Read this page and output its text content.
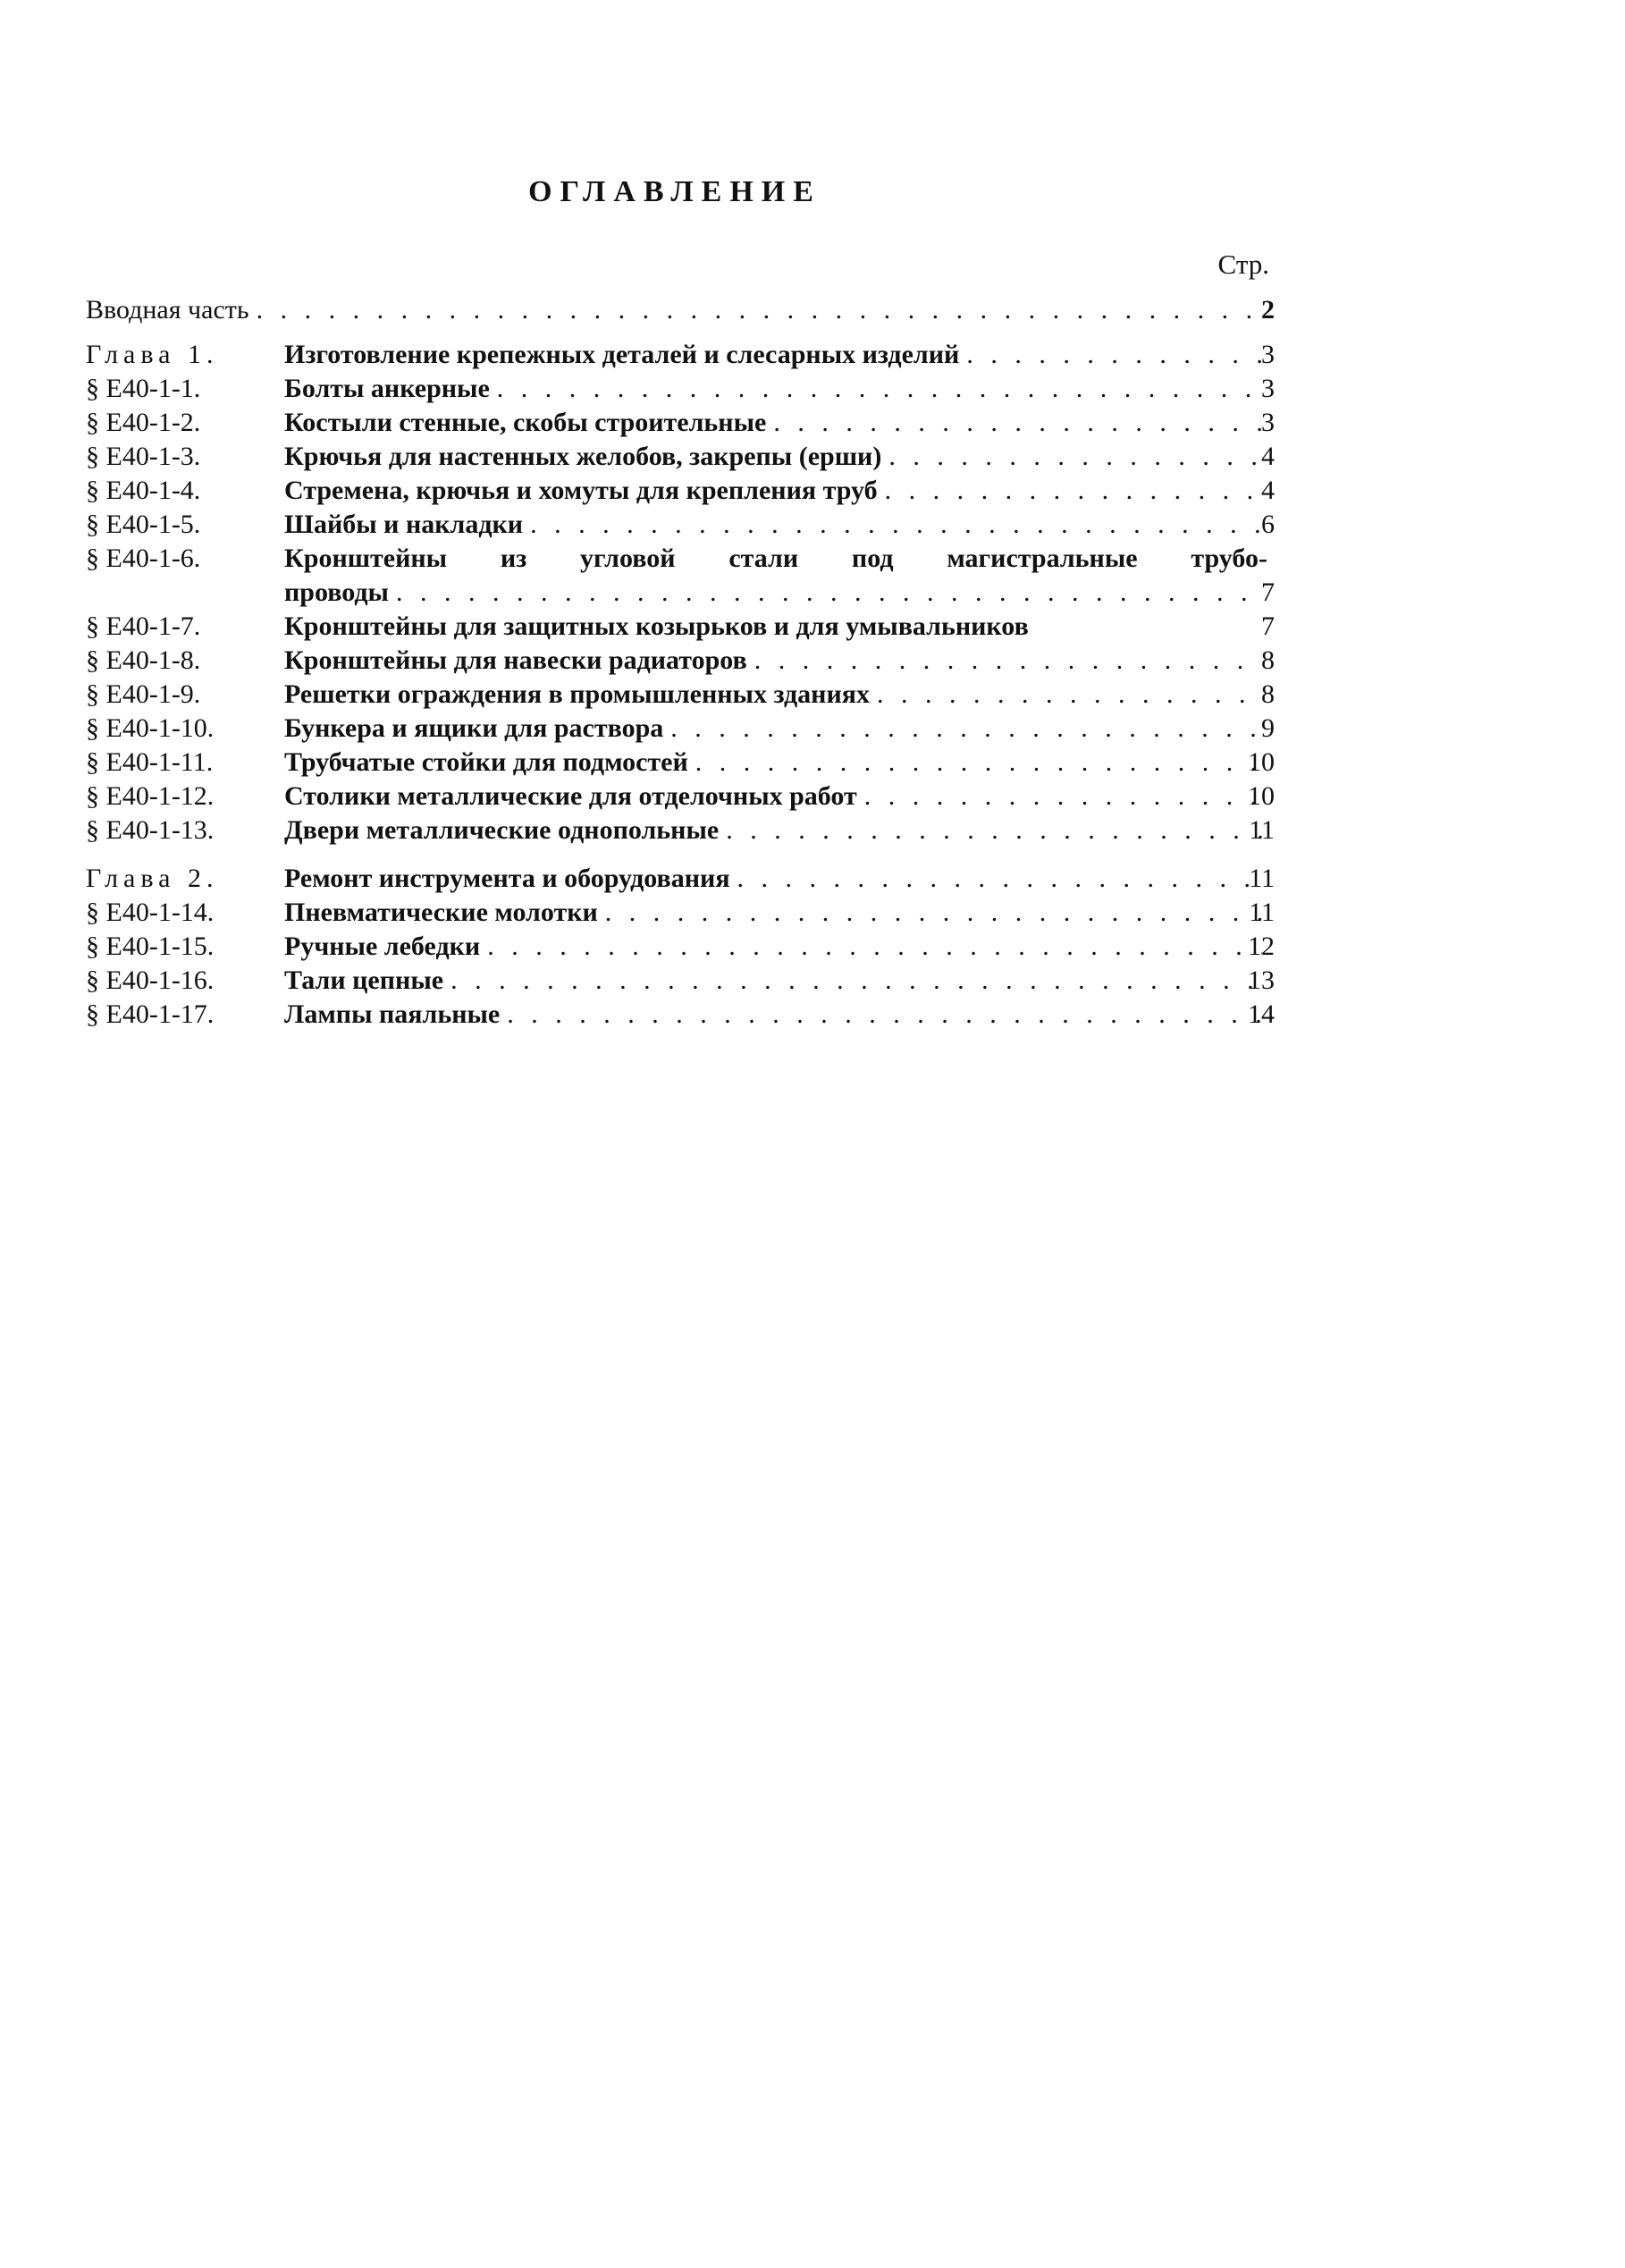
ОГЛАВЛЕНИЕ
Стр.
Вводная часть . . .	2
Глава 1. Изготовление крепежных деталей и слесарных изделий . . .	3
§ Е40-1-1.	Болты анкерные . . .	3
§ Е40-1-2.	Костыли стенные, скобы строительные . . .	3
§ Е40-1-3.	Крючья для настенных желобов, закрепы (ерши) . . .	4
§ Е40-1-4.	Стремена, крючья и хомуты для крепления труб . . .	4
§ Е40-1-5.	Шайбы и накладки . . .	6
§ Е40-1-6.	Кронштейны из угловой стали под магистральные трубо-
проводы . . .	7
§ Е40-1-7.	Кронштейны для защитных козырьков и для умывальников	7
§ Е40-1-8.	Кронштейны для навески радиаторов . . .	8
§ Е40-1-9.	Решетки ограждения в промышленных зданиях . . .	8
§ Е40-1-10.	Бункера и ящики для раствора . . .	9
§ Е40-1-11.	Трубчатые стойки для подмостей . . .	10
§ Е40-1-12.	Столики металлические для отделочных работ . . .	10
§ Е40-1-13.	Двери металлические однопольные . . .	11
Глава 2. Ремонт инструмента и оборудования . . .	11
§ Е40-1-14.	Пневматические молотки . . .	11
§ Е40-1-15.	Ручные лебедки . . .	12
§ Е40-1-16.	Тали цепные . . .	13
§ Е40-1-17.	Лампы паяльные . . .	14
